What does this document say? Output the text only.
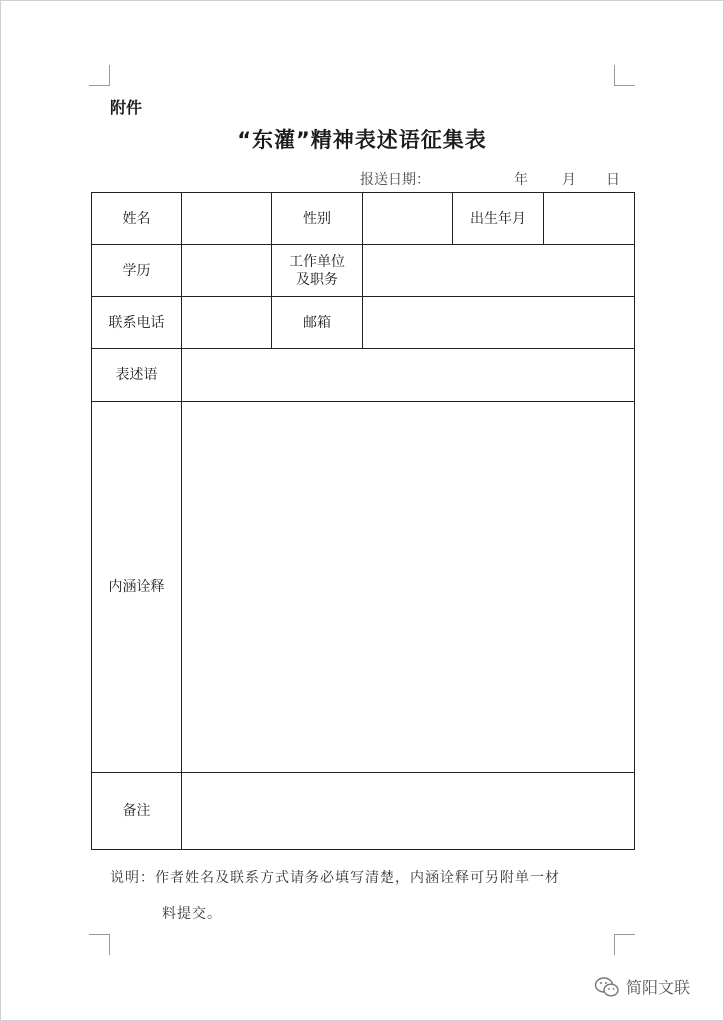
附件
“东灌”精神表述语征集表
报送日期：	年 月 日
姓名		性别		出生年月	
学历		工作单位
及职务			

联系电话		邮箱			
表述语					
内涵诠释					
备注					
说明：作者姓名及联系方式请务必填写清楚，内涵诠释可另附单一材
料提交。
简阳文联
